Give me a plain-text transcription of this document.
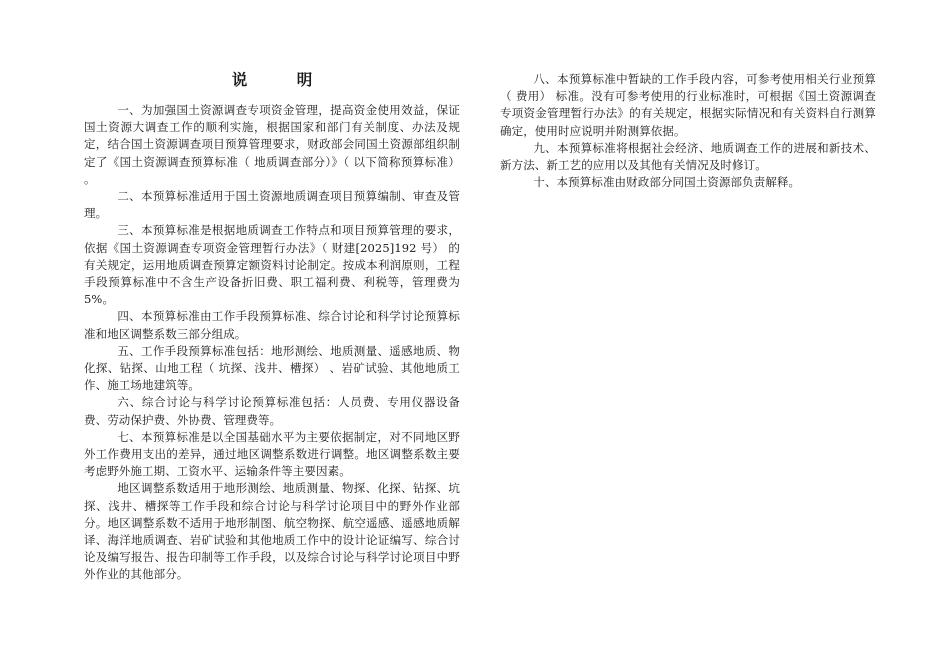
说 明

一、为加强国土资源调查专项资金管理，提高资金使用效益，保证国土资源大调查工作的顺利实施，根据国家和部门有关制度、办法及规定，结合国土资源调查项目预算管理要求，财政部会同国土资源部组织制定了《国土资源调查预算标准（ 地质调查部分）》（ 以下简称预算标准） 。

二、本预算标准适用于国土资源地质调查项目预算编制、审查及管理。

三、本预算标准是根据地质调查工作特点和项目预算管理的要求，依据《国土资源调查专项资金管理暂行办法》（ 财建[2025]192 号） 的有关规定，运用地质调查预算定额资料讨论制定。按成本利润原则，工程手段预算标准中不含生产设备折旧费、职工福利费、利税等，管理费为5%。

四、本预算标准由工作手段预算标准、综合讨论和科学讨论预算标准和地区调整系数三部分组成。

五、工作手段预算标准包括：地形测绘、地质测量、遥感地质、物化探、钻探、山地工程（ 坑探、浅井、槽探） 、岩矿试验、其他地质工作、施工场地建筑等。

六、综合讨论与科学讨论预算标准包括：人员费、专用仪器设备费、劳动保护费、外协费、管理费等。

七、本预算标准是以全国基础水平为主要依据制定，对不同地区野外工作费用支出的差异，通过地区调整系数进行调整。地区调整系数主要考虑野外施工期、工资水平、运输条件等主要因素。

地区调整系数适用于地形测绘、地质测量、物探、化探、钻探、坑探、浅井、槽探等工作手段和综合讨论与科学讨论项目中的野外作业部分。地区调整系数不适用于地形制图、航空物探、航空遥感、遥感地质解译、海洋地质调查、岩矿试验和其他地质工作中的设计论证编写、综合讨论及编写报告、报告印制等工作手段，以及综合讨论与科学讨论项目中野外作业的其他部分。

八、本预算标准中暂缺的工作手段内容，可参考使用相关行业预算（ 费用） 标准。没有可参考使用的行业标准时，可根据《国土资源调查专项资金管理暂行办法》的有关规定，根据实际情况和有关资料自行测算确定，使用时应说明并附测算依据。

九、本预算标准将根据社会经济、地质调查工作的进展和新技术、新方法、新工艺的应用以及其他有关情况及时修订。

十、本预算标准由财政部分同国土资源部负责解释。
